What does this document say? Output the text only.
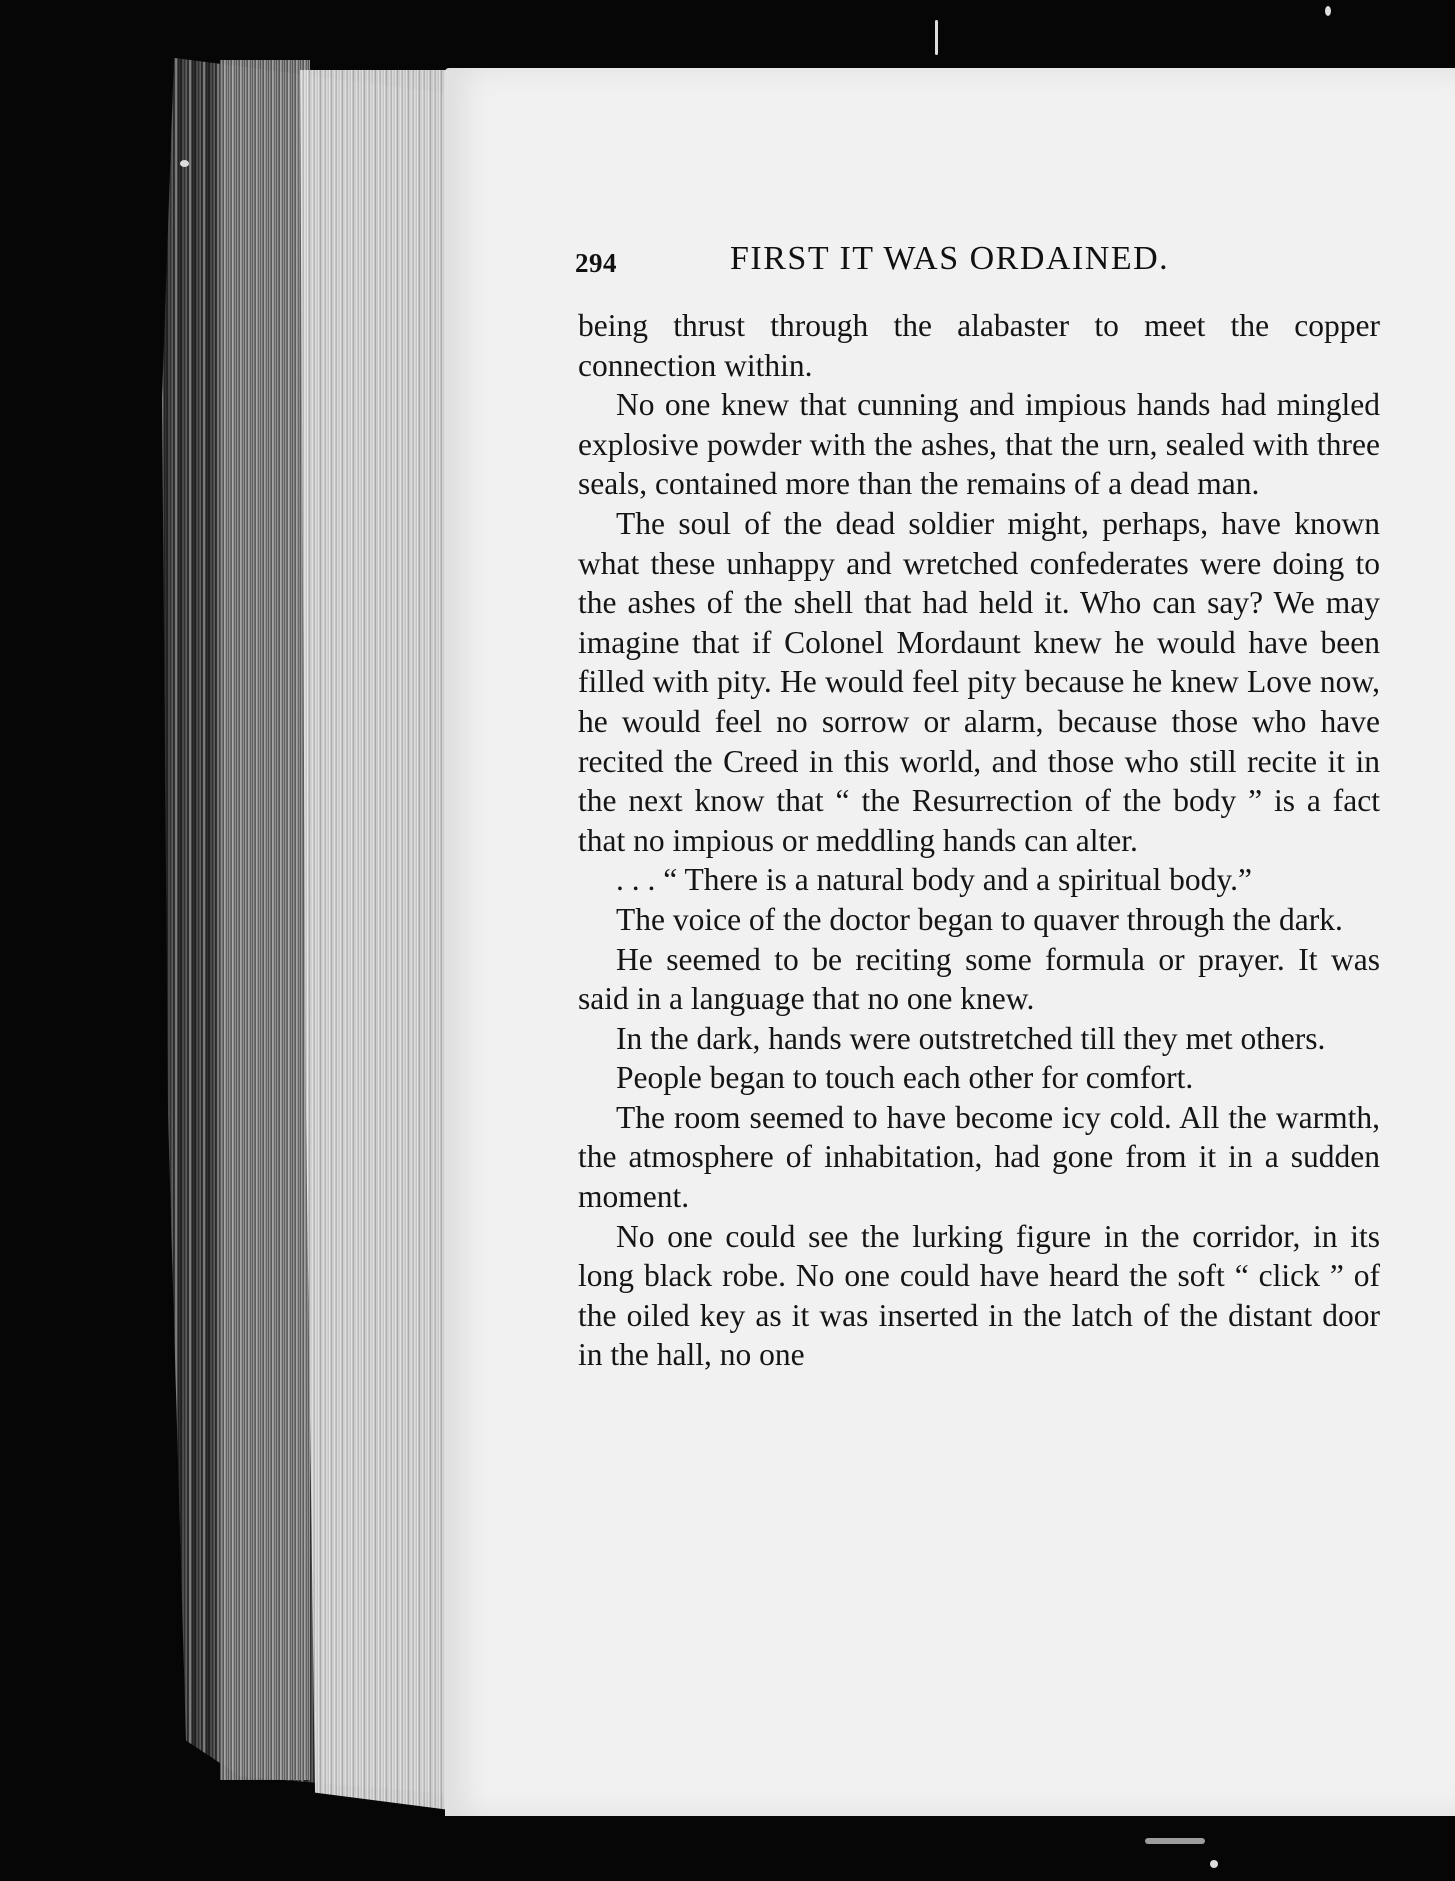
294	FIRST IT WAS ORDAINED.

being thrust through the alabaster to meet the copper connection within.

No one knew that cunning and impious hands had mingled explosive powder with the ashes, that the urn, sealed with three seals, contained more than the remains of a dead man.

The soul of the dead soldier might, perhaps, have known what these unhappy and wretched confederates were doing to the ashes of the shell that had held it. Who can say? We may imagine that if Colonel Mordaunt knew he would have been filled with pity. He would feel pity because he knew Love now, he would feel no sorrow or alarm, because those who have recited the Creed in this world, and those who still recite it in the next know that “ the Resurrection of the body ” is a fact that no impious or meddling hands can alter.

. . . “ There is a natural body and a spiritual body.”

The voice of the doctor began to quaver through the dark.

He seemed to be reciting some formula or prayer. It was said in a language that no one knew.

In the dark, hands were outstretched till they met others.

People began to touch each other for comfort.

The room seemed to have become icy cold. All the warmth, the atmosphere of inhabitation, had gone from it in a sudden moment.

No one could see the lurking figure in the corridor, in its long black robe. No one could have heard the soft “ click ” of the oiled key as it was inserted in the latch of the distant door in the hall, no one
